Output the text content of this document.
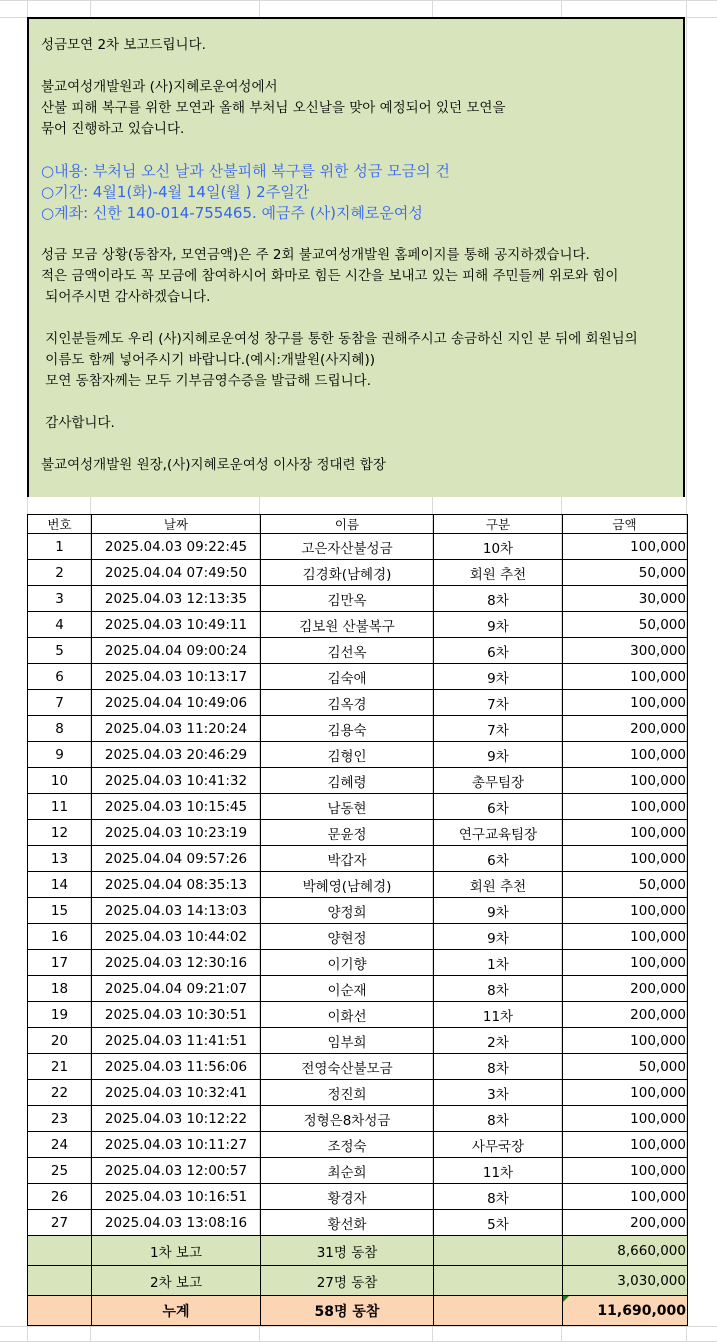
성금모연 2차 보고드립니다.

불교여성개발원과 (사)지혜로운여성에서

산불 피해 복구를 위한 모연과 올해 부처님 오신날을 맞아 예정되어 있던 모연을

묶어 진행하고 있습니다.

○내용: 부처님 오신 날과 산불피해 복구를 위한 성금 모금의 건

○기간: 4월1(화)-4월 14일(월 ) 2주일간

○계좌: 신한 140-014-755465. 예금주 (사)지혜로운여성

성금 모금 상황(동참자, 모연금액)은 주 2회 불교여성개발원 홈페이지를 통해 공지하겠습니다.

적은 금액이라도 꼭 모금에 참여하시어 화마로 힘든 시간을 보내고 있는 피해 주민들께 위로와 힘이

되어주시면 감사하겠습니다.

지인분들께도 우리 (사)지혜로운여성 창구를 통한 동참을 권해주시고 송금하신 지인 분 뒤에 회원님의

이름도 함께 넣어주시기 바랍니다.(예시:개발원(사지혜))

모연 동참자께는 모두 기부금영수증을 발급해 드립니다.

감사합니다.

불교여성개발원 원장,(사)지혜로운여성 이사장 정대련 합장

번호	날짜	이름	구분	금액
1	2025.04.03 09:22:45	고은자산불성금	10차	100,000
2	2025.04.04 07:49:50	김경화(남혜경)	회원 추천	50,000
3	2025.04.03 12:13:35	김만옥	8차	30,000
4	2025.04.03 10:49:11	김보원 산불복구	9차	50,000
5	2025.04.04 09:00:24	김선옥	6차	300,000
6	2025.04.03 10:13:17	김숙애	9차	100,000
7	2025.04.04 10:49:06	김옥경	7차	100,000
8	2025.04.03 11:20:24	김용숙	7차	200,000
9	2025.04.03 20:46:29	김형인	9차	100,000
10	2025.04.03 10:41:32	김혜령	총무팀장	100,000
11	2025.04.03 10:15:45	남동현	6차	100,000
12	2025.04.03 10:23:19	문윤정	연구교육팀장	100,000
13	2025.04.04 09:57:26	박갑자	6차	100,000
14	2025.04.04 08:35:13	박혜영(남혜경)	회원 추천	50,000
15	2025.04.03 14:13:03	양정희	9차	100,000
16	2025.04.03 10:44:02	양현정	9차	100,000
17	2025.04.03 12:30:16	이기향	1차	100,000
18	2025.04.04 09:21:07	이순재	8차	200,000
19	2025.04.03 10:30:51	이화선	11차	200,000
20	2025.04.03 11:41:51	임부희	2차	100,000
21	2025.04.03 11:56:06	전영숙산불모금	8차	50,000
22	2025.04.03 10:32:41	정진희	3차	100,000
23	2025.04.03 10:12:22	정형은8차성금	8차	100,000
24	2025.04.03 10:11:27	조정숙	사무국장	100,000
25	2025.04.03 12:00:57	최순희	11차	100,000
26	2025.04.03 10:16:51	황경자	8차	100,000
27	2025.04.03 13:08:16	황선화	5차	200,000
	1차 보고	31명 동참		8,660,000
	2차 보고	27명 동참		3,030,000
	누계	58명 동참		11,690,000
